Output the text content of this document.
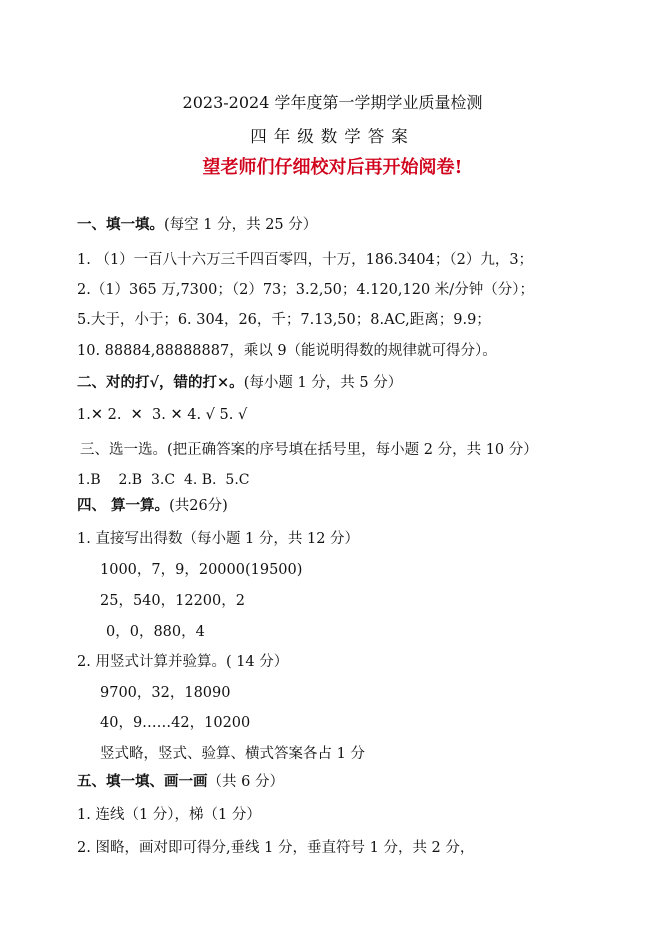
2023-2024 学年度第一学期学业质量检测
四年级数学答案
望老师们仔细校对后再开始阅卷!
一、填一填。(每空 1 分，共 25 分）
1. （1）一百八十六万三千四百零四，十万，186.3404；（2）九，3；
2.（1）365 万,7300；（2）73；3.2,50；4.120,120 米/分钟（分）；
5.大于，小于；6. 304，26，千；7.13,50；8.AC,距离；9.9；
10. 88884,88888887，乘以 9（能说明得数的规律就可得分）。
二、对的打√，错的打×。(每小题 1 分，共 5 分）
1.✕ 2.  ✕  3. ✕ 4. √ 5. √
三、选一选。(把正确答案的序号填在括号里，每小题 2 分，共 10 分）
1.B    2.B  3.C  4. B.  5.C
四、 算一算。(共26分)
1. 直接写出得数（每小题 1 分，共 12 分）
1000，7，9，20000(19500)
25，540，12200，2
0，0，880，4
2. 用竖式计算并验算。( 14 分）
9700，32，18090
40，9……42，10200
竖式略，竖式、验算、横式答案各占 1 分
五、填一填、画一画（共 6 分）
1. 连线（1 分），梯（1 分）
2. 图略，画对即可得分,垂线 1 分，垂直符号 1 分，共 2 分，
